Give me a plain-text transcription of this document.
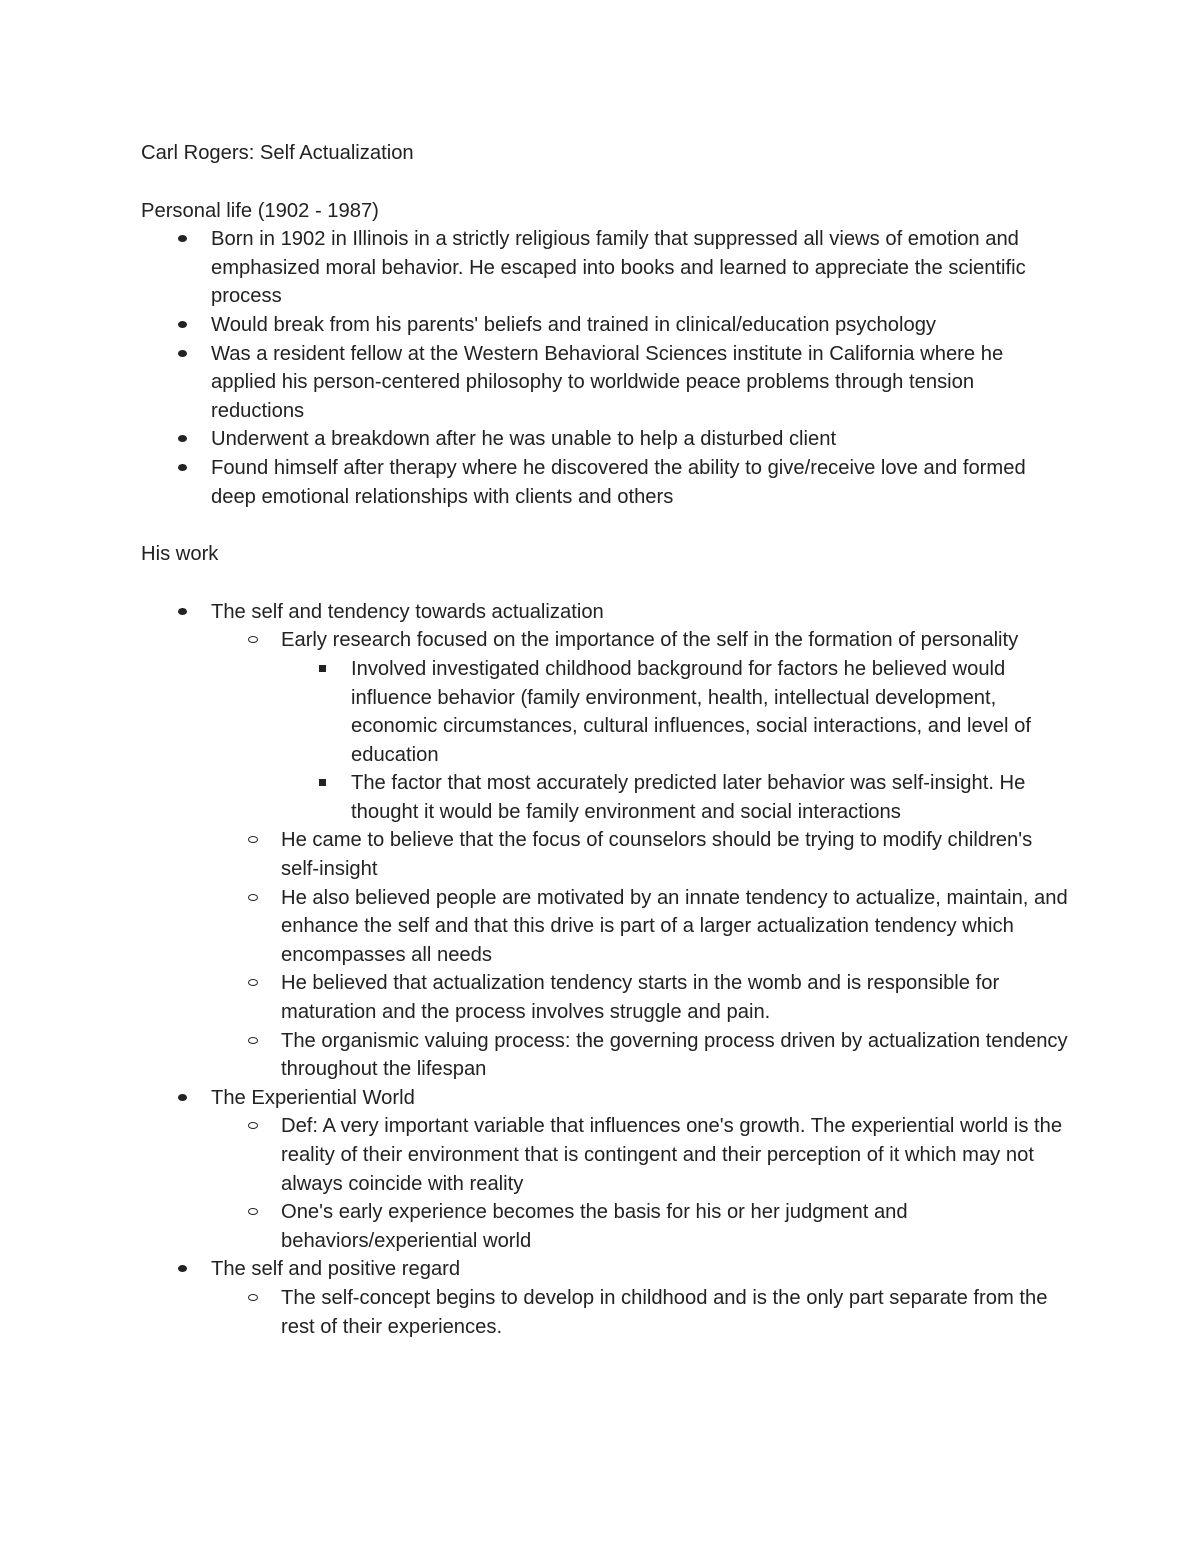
Carl Rogers: Self Actualization

Personal life (1902 - 1987)

Born in 1902 in Illinois in a strictly religious family that suppressed all views of emotion and emphasized moral behavior. He escaped into books and learned to appreciate the scientific process
Would break from his parents' beliefs and trained in clinical/education psychology
Was a resident fellow at the Western Behavioral Sciences institute in California where he applied his person-centered philosophy to worldwide peace problems through tension reductions
Underwent a breakdown after he was unable to help a disturbed client
Found himself after therapy where he discovered the ability to give/receive love and formed deep emotional relationships with clients and others

His work

The self and tendency towards actualization
Early research focused on the importance of the self in the formation of personality
Involved investigated childhood background for factors he believed would influence behavior (family environment, health, intellectual development, economic circumstances, cultural influences, social interactions, and level of education
The factor that most accurately predicted later behavior was self-insight. He thought it would be family environment and social interactions
He came to believe that the focus of counselors should be trying to modify children's self-insight
He also believed people are motivated by an innate tendency to actualize, maintain, and enhance the self and that this drive is part of a larger actualization tendency which encompasses all needs
He believed that actualization tendency starts in the womb and is responsible for maturation and the process involves struggle and pain.
The organismic valuing process: the governing process driven by actualization tendency throughout the lifespan
The Experiential World
Def: A very important variable that influences one's growth. The experiential world is the reality of their environment that is contingent and their perception of it which may not always coincide with reality
One's early experience becomes the basis for his or her judgment and behaviors/experiential world
The self and positive regard
The self-concept begins to develop in childhood and is the only part separate from the rest of their experiences.
